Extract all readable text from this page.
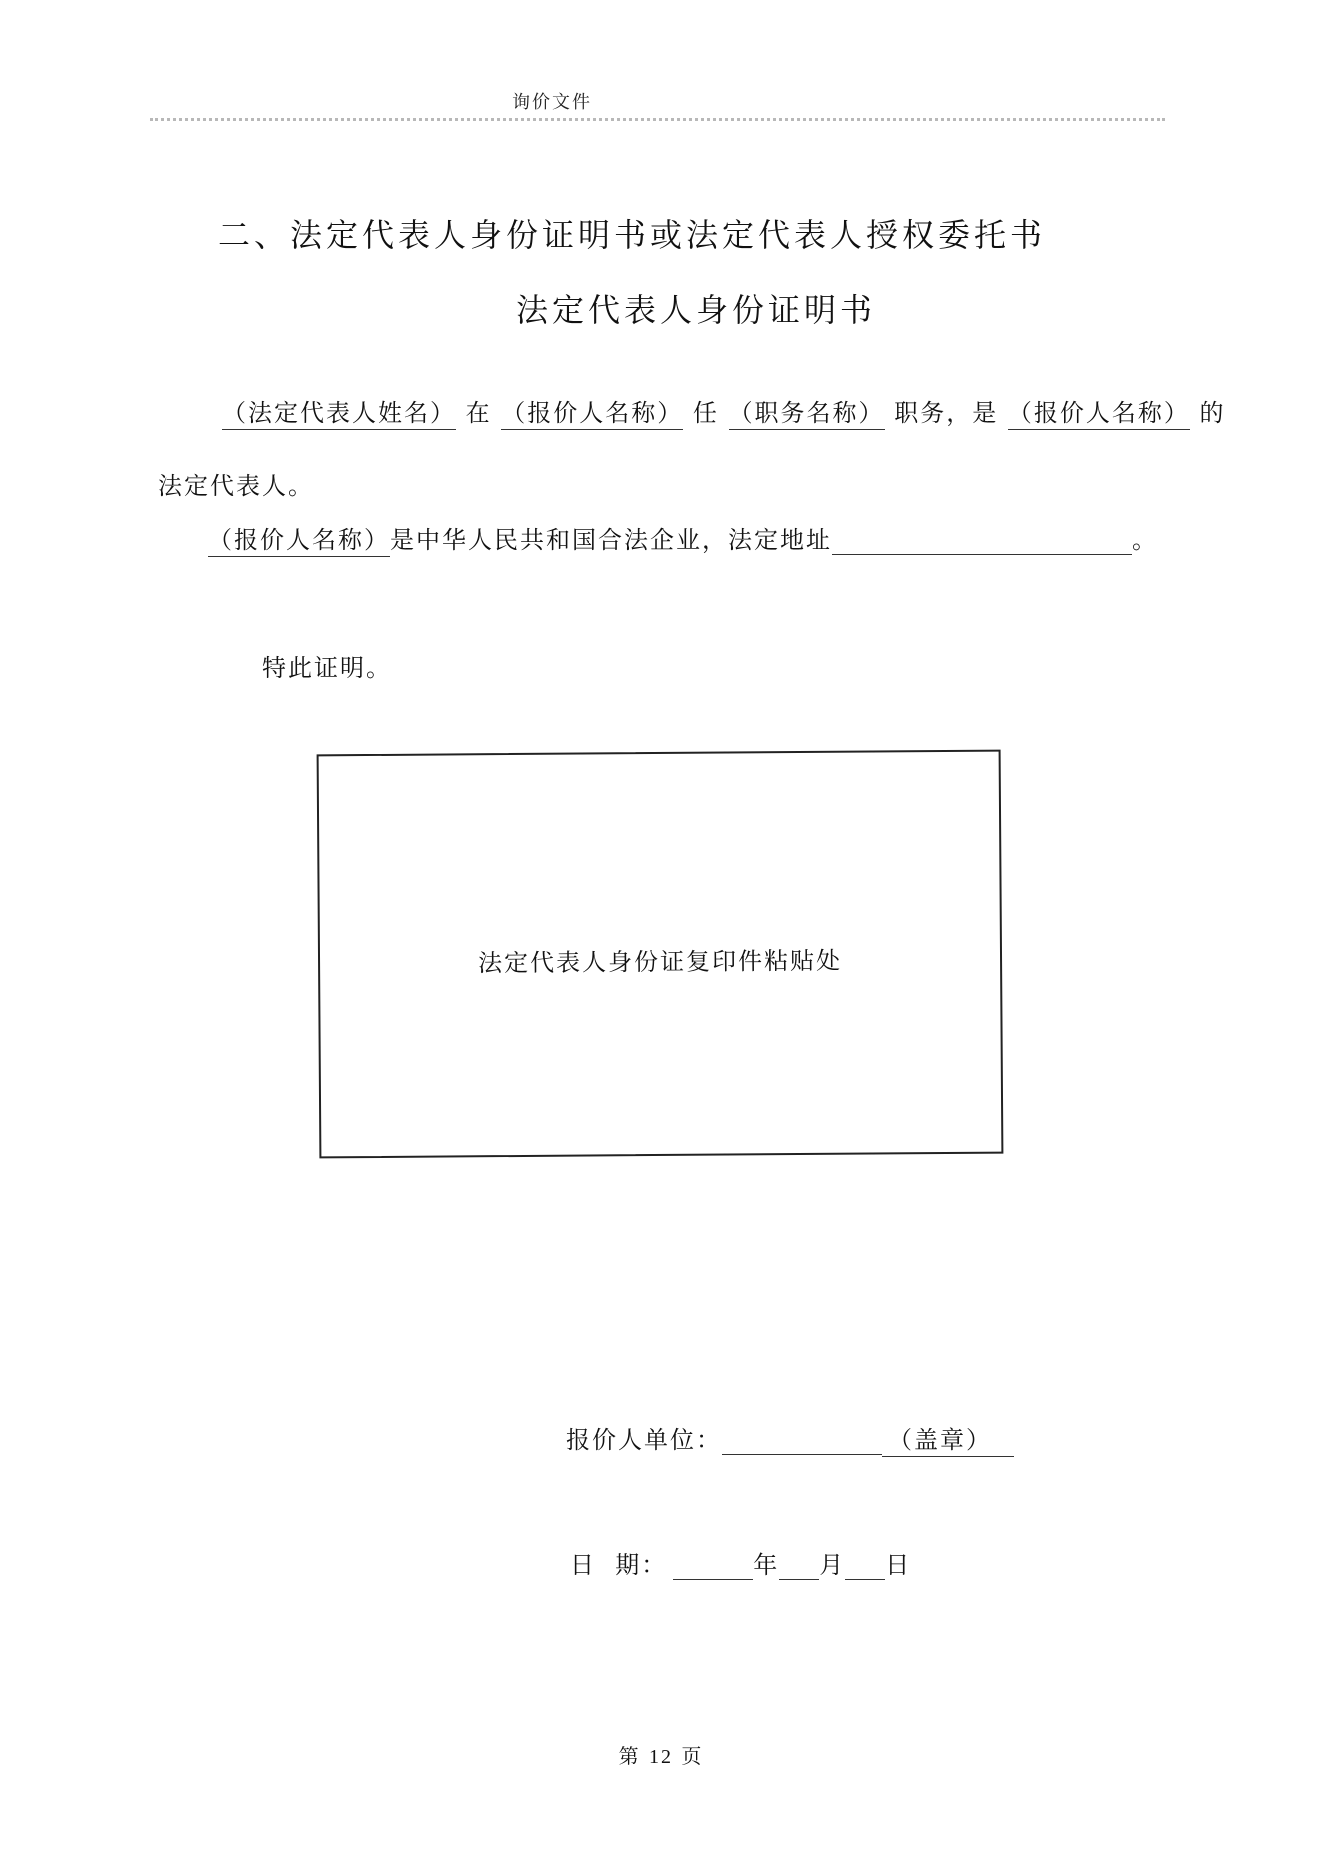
询价文件
二、法定代表人身份证明书或法定代表人授权委托书
法定代表人身份证明书
（法定代表人姓名） 在 （报价人名称） 任 （职务名称） 职务，是 （报价人名称） 的
法定代表人。
（报价人名称）是中华人民共和国合法企业，法定地址	。
特此证明。
法定代表人身份证复印件粘贴处
报价人单位：	（盖章）
日  期：	年 月 日
第 12 页
